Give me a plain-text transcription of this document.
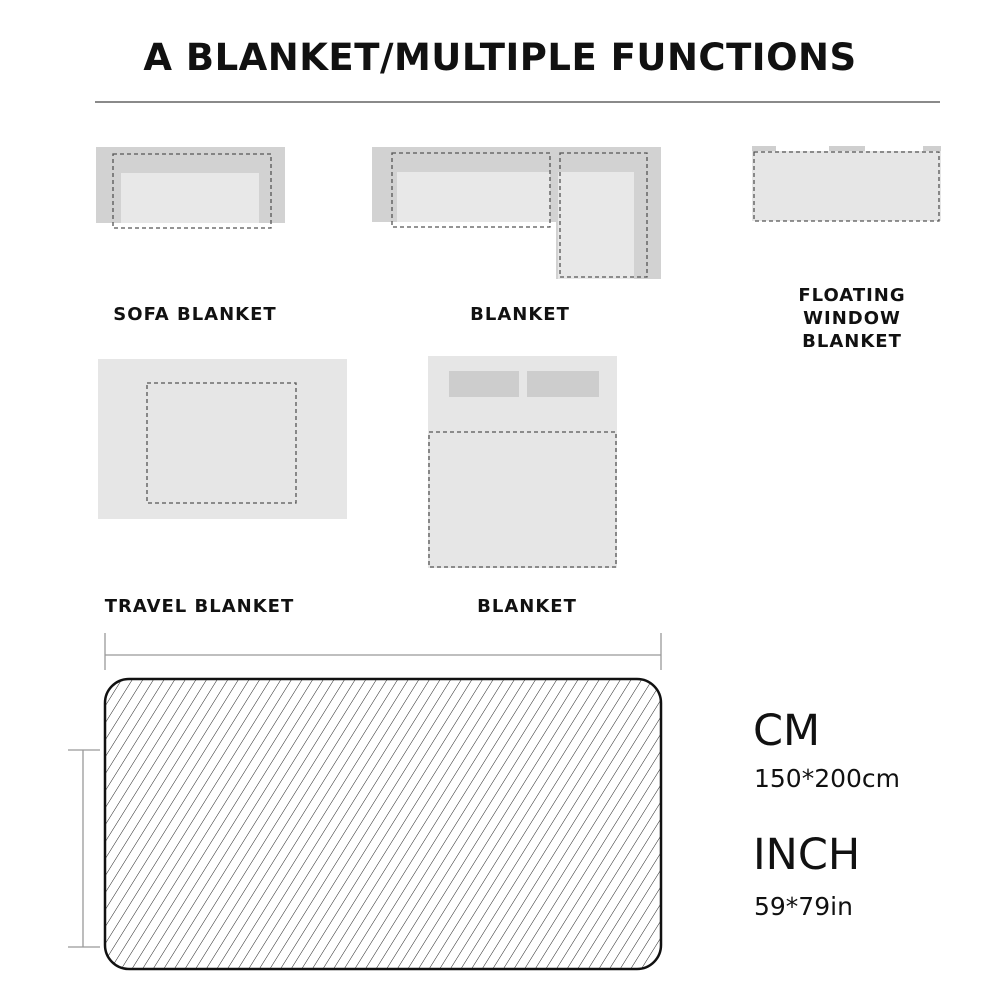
A BLANKET/MULTIPLE FUNCTIONS
SOFA BLANKET	BLANKET
FLOATING
WINDOW
BLANKET
TRAVEL BLANKET	BLANKET
CM
150*200cm
INCH
59*79in
